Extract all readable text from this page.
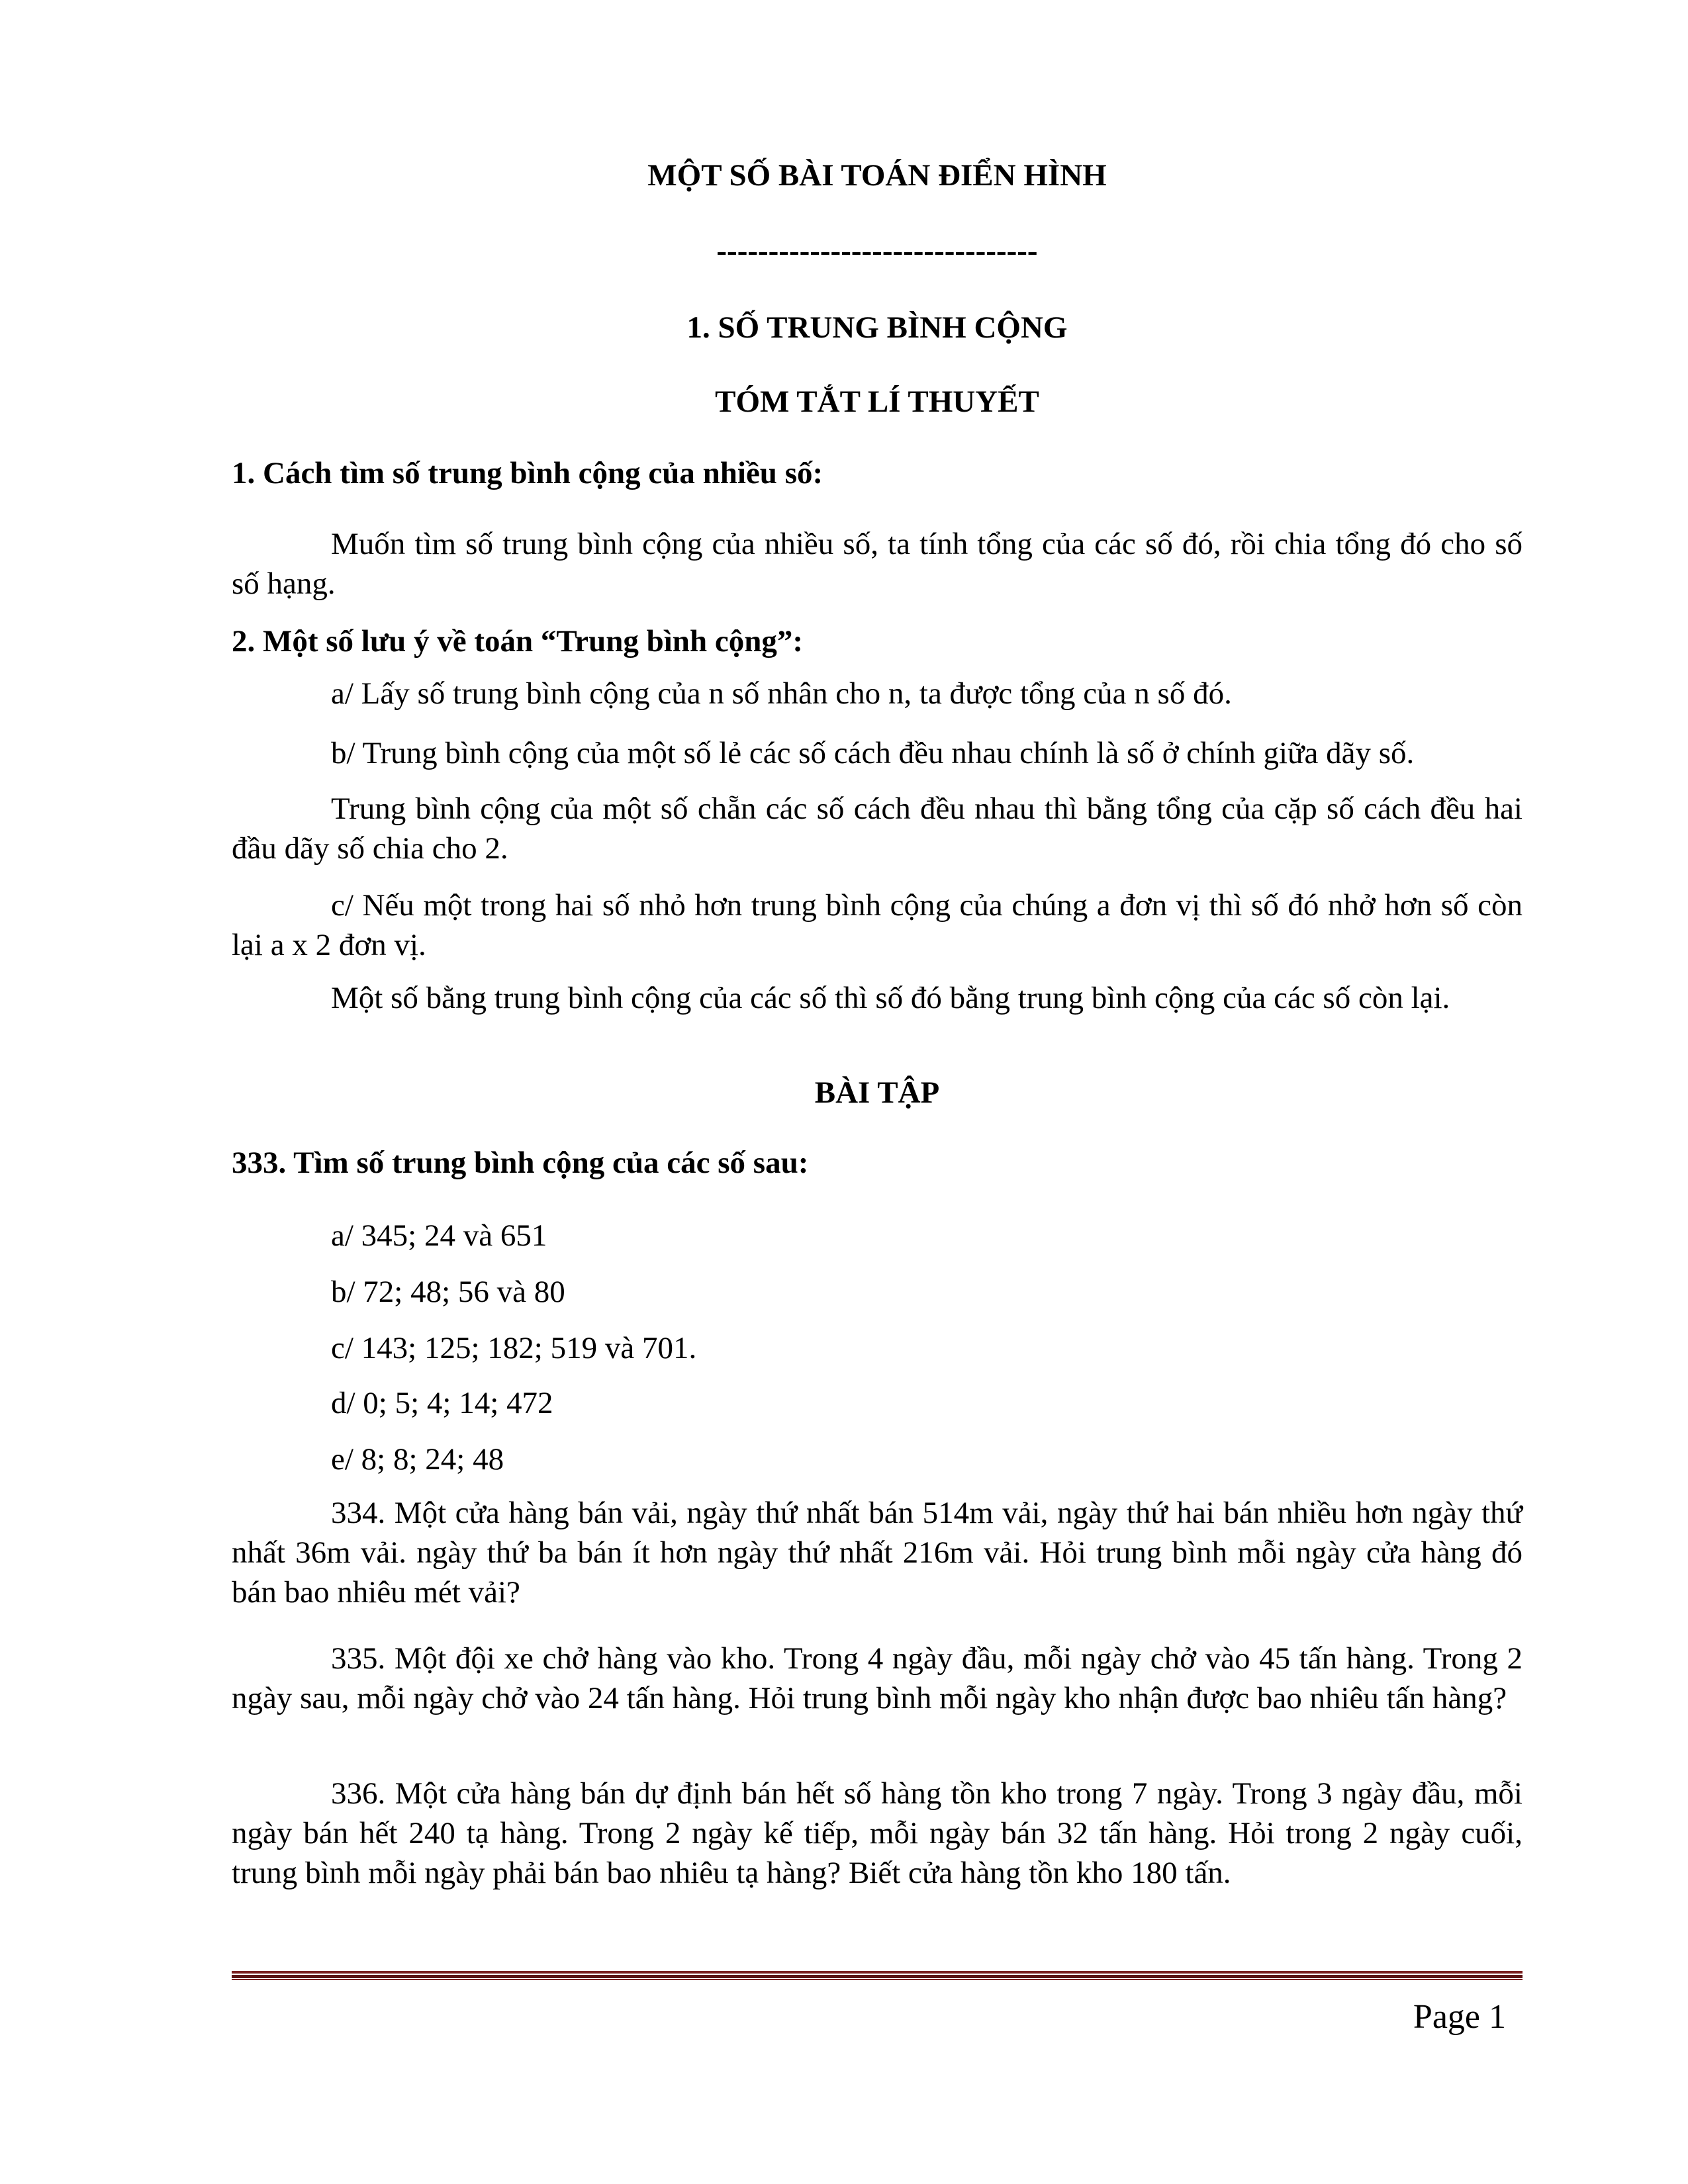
MỘT SỐ BÀI TOÁN ĐIỂN HÌNH
-------------------------------
1. SỐ TRUNG BÌNH CỘNG
TÓM TẮT LÍ THUYẾT
1. Cách tìm số trung bình cộng của nhiều số:
Muốn tìm số trung bình cộng của nhiều số, ta tính tổng của các số đó, rồi chia tổng đó cho số số hạng.
2. Một số lưu ý về toán “Trung bình cộng”:
a/ Lấy số trung bình cộng của n số nhân cho n, ta được tổng của n số đó.
b/ Trung bình cộng của một số lẻ các số cách đều nhau chính là số ở chính giữa dãy số.
Trung bình cộng của một số chẵn các số cách đều nhau thì bằng tổng của cặp số cách đều hai đầu dãy số chia cho 2.
c/ Nếu một trong hai số nhỏ hơn trung bình cộng của chúng a đơn vị thì số đó nhở hơn số còn lại a x 2 đơn vị.
Một số bằng trung bình cộng của các số thì số đó bằng trung bình cộng của các số còn lại.
BÀI TẬP
333. Tìm số trung bình cộng của các số sau:
a/ 345; 24 và 651
b/ 72; 48; 56 và 80
c/ 143; 125; 182; 519 và 701.
d/ 0; 5; 4; 14; 472
e/ 8; 8; 24; 48
334. Một cửa hàng bán vải, ngày thứ nhất bán 514m vải, ngày thứ hai bán nhiều hơn ngày thứ nhất 36m vải. ngày thứ ba bán ít hơn ngày thứ nhất 216m vải. Hỏi trung bình mỗi ngày cửa hàng đó bán bao nhiêu mét vải?
335. Một đội xe chở hàng vào kho. Trong 4 ngày đầu, mỗi ngày chở vào 45 tấn hàng. Trong 2 ngày sau, mỗi ngày chở vào 24 tấn hàng. Hỏi trung bình mỗi ngày kho nhận được bao nhiêu tấn hàng?
336. Một cửa hàng bán dự định bán hết số hàng tồn kho trong 7 ngày. Trong 3 ngày đầu, mỗi ngày bán hết 240 tạ hàng. Trong 2 ngày kế tiếp, mỗi ngày bán 32 tấn hàng. Hỏi trong 2 ngày cuối, trung bình mỗi ngày phải bán bao nhiêu tạ hàng? Biết cửa hàng tồn kho 180 tấn.
Page 1
